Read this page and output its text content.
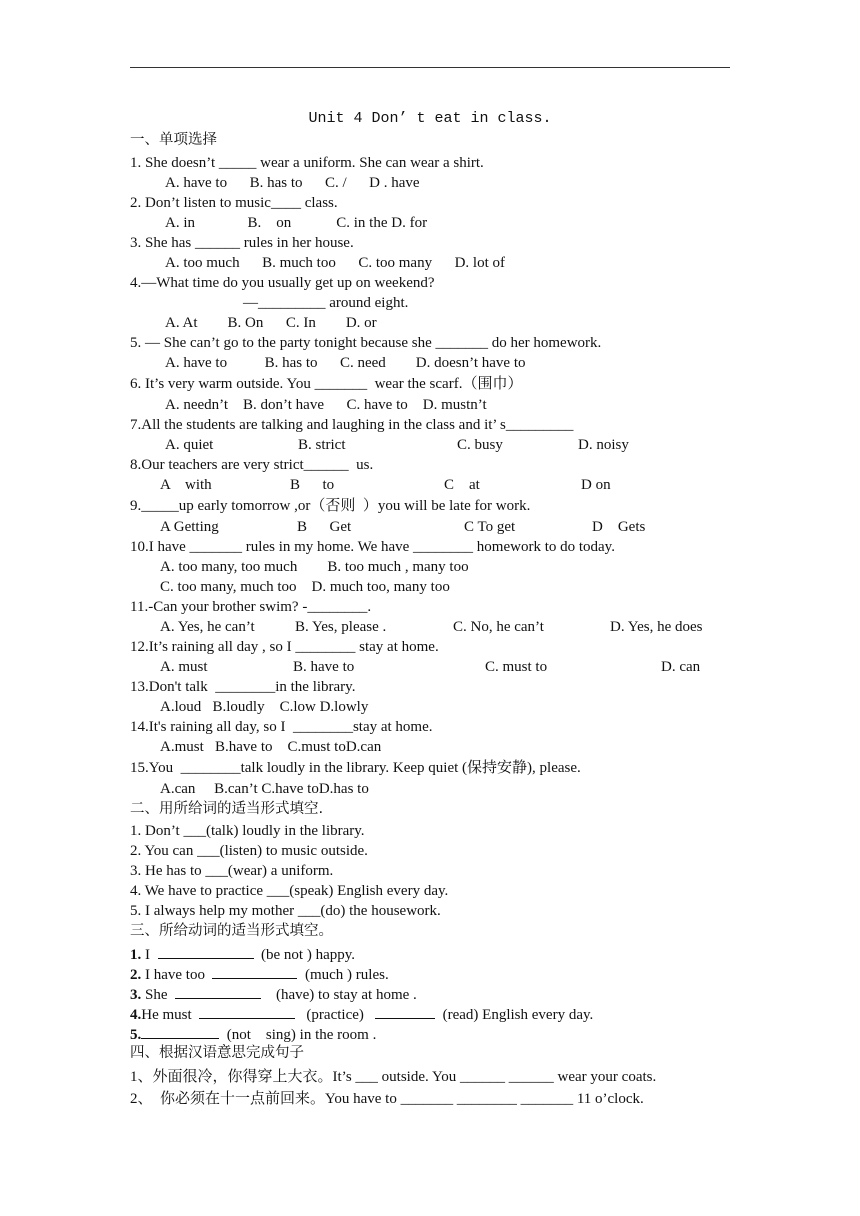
Unit 4 Don’ t eat in class.
一、单项选择
1. She doesn’t _____ wear a uniform. She can wear a shirt.
A. have to      B. has to      C. /      D . have
2. Don’t listen to music____ class.
A. in              B.    on            C. in the D. for
3. She has ______ rules in her house.
A. too much      B. much too      C. too many      D. lot of
4.—What time do you usually get up on weekend?
—_________ around eight.
A. At        B. On      C. In        D. or
5. — She can’t go to the party tonight because she _______ do her homework.
A. have to          B. has to      C. need        D. doesn’t have to
6. It’s very warm outside. You _______  wear the scarf.（围巾）
A. needn’t    B. don’t have      C. have to    D. mustn’t
7.All the students are talking and laughing in the class and it’ s_________
A. quiet	B. strict	C. busy	D. noisy
8.Our teachers are very strict______  us.
A    with	B      to	C    at	D on
9._____up early tomorrow ,or（否则  ）you will be late for work.
A Getting	B      Get	C To get	D    Gets
10.I have _______ rules in my home. We have ________ homework to do today.
A. too many, too much        B. too much , many too
C. too many, much too    D. much too, many too
11.-Can your brother swim? -________.
A. Yes, he can’t	B. Yes, please .	C. No, he can’t	D. Yes, he does
12.It’s raining all day , so I ________ stay at home.
A. must	B. have to	C. must to	D. can
13.Don't talk  ________in the library.
A.loud   B.loudly    C.low D.lowly
14.It's raining all day, so I  ________stay at home.
A.must   B.have to    C.must toD.can
15.You  ________talk loudly in the library. Keep quiet (保持安静), please.
A.can     B.can’t C.have toD.has to
二、用所给词的适当形式填空.
1. Don’t ___(talk) loudly in the library.
2. You can ___(listen) to music outside.
3. He has to ___(wear) a uniform.
4. We have to practice ___(speak) English every day.
5. I always help my mother ___(do) the housework.
三、所给动词的适当形式填空。
1. I	(be not ) happy.
2. I have too	(much ) rules.
3. She	(have) to stay at home .
4.He must	(practice)	(read) English every day.
5.	(not    sing) in the room .
四、根据汉语意思完成句子
1、外面很冷，你得穿上大衣。It’s ___ outside. You ______ ______ wear your coats.
2、  你必须在十一点前回来。You have to _______ ________ _______ 11 o’clock.
